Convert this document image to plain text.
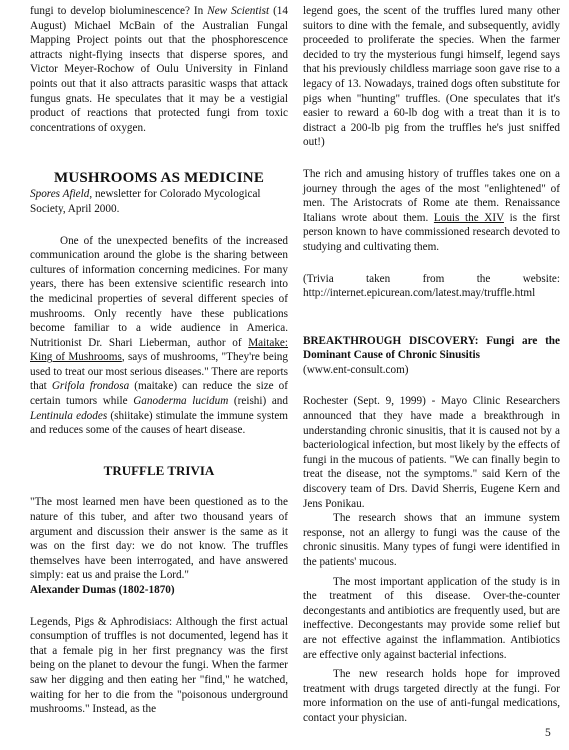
fungi to develop bioluminescence? In New Scientist (14 August) Michael McBain of the Australian Fungal Mapping Project points out that the phosphorescence attracts night-flying insects that disperse spores, and Victor Meyer-Rochow of Oulu University in Finland points out that it also attracts parasitic wasps that attack fungus gnats. He speculates that it may be a vestigial product of reactions that protected fungi from toxic concentrations of oxygen.

MUSHROOMS AS MEDICINE

Spores Afield, newsletter for Colorado Mycological Society, April 2000.

One of the unexpected benefits of the increased communication around the globe is the sharing between cultures of information concerning medicines. For many years, there has been extensive scientific research into the medicinal properties of several different species of mushrooms. Only recently have these publications become familiar to a wide audience in America. Nutritionist Dr. Shari Lieberman, author of Maitake: King of Mushrooms, says of mushrooms, "They're being used to treat our most serious diseases." There are reports that Grifola frondosa (maitake) can reduce the size of certain tumors while Ganoderma lucidum (reishi) and Lentinula edodes (shiitake) stimulate the immune system and reduces some of the causes of heart disease.

TRUFFLE TRIVIA

"The most learned men have been questioned as to the nature of this tuber, and after two thousand years of argument and discussion their answer is the same as it was on the first day: we do not know. The truffles themselves have been interrogated, and have answered simply: eat us and praise the Lord."

Alexander Dumas (1802-1870)

Legends, Pigs & Aphrodisiacs: Although the first actual consumption of truffles is not documented, legend has it that a female pig in her first pregnancy was the first being on the planet to devour the fungi. When the farmer saw her digging and then eating her "find," he watched, waiting for her to die from the "poisonous underground mushrooms." Instead, as the

legend goes, the scent of the truffles lured many other suitors to dine with the female, and subsequently, avidly proceeded to proliferate the species. When the farmer decided to try the mysterious fungi himself, legend says that his previously childless marriage soon gave rise to a legacy of 13. Nowadays, trained dogs often substitute for pigs when "hunting" truffles. (One speculates that it's easier to reward a 60-lb dog with a treat than it is to distract a 200-lb pig from the truffles he's just sniffed out!)

The rich and amusing history of truffles takes one on a journey through the ages of the most "enlightened" of men. The Aristocrats of Rome ate them. Renaissance Italians wrote about them. Louis the XIV is the first person known to have commissioned research devoted to studying and cultivating them.

(Trivia taken from the website: http://internet.epicurean.com/latest.may/truffle.html

BREAKTHROUGH DISCOVERY: Fungi are the Dominant Cause of Chronic Sinusitis

(www.ent-consult.com)

Rochester (Sept. 9, 1999) - Mayo Clinic Researchers announced that they have made a breakthrough in understanding chronic sinusitis, that it is caused not by a bacteriological infection, but most likely by the effects of fungi in the mucous of patients. "We can finally begin to treat the disease, not the symptoms." said Kern of the discovery team of Drs. David Sherris, Eugene Kern and Jens Ponikau.

The research shows that an immune system response, not an allergy to fungi was the cause of the chronic sinusitis. Many types of fungi were identified in the patients' mucous.

The most important application of the study is in the treatment of this disease. Over-the-counter decongestants and antibiotics are frequently used, but are ineffective. Decongestants may provide some relief but are not effective against the inflammation. Antibiotics are effective only against bacterial infections.

The new research holds hope for improved treatment with drugs targeted directly at the fungi. For more information on the use of anti-fungal medications, contact your physician.

5
